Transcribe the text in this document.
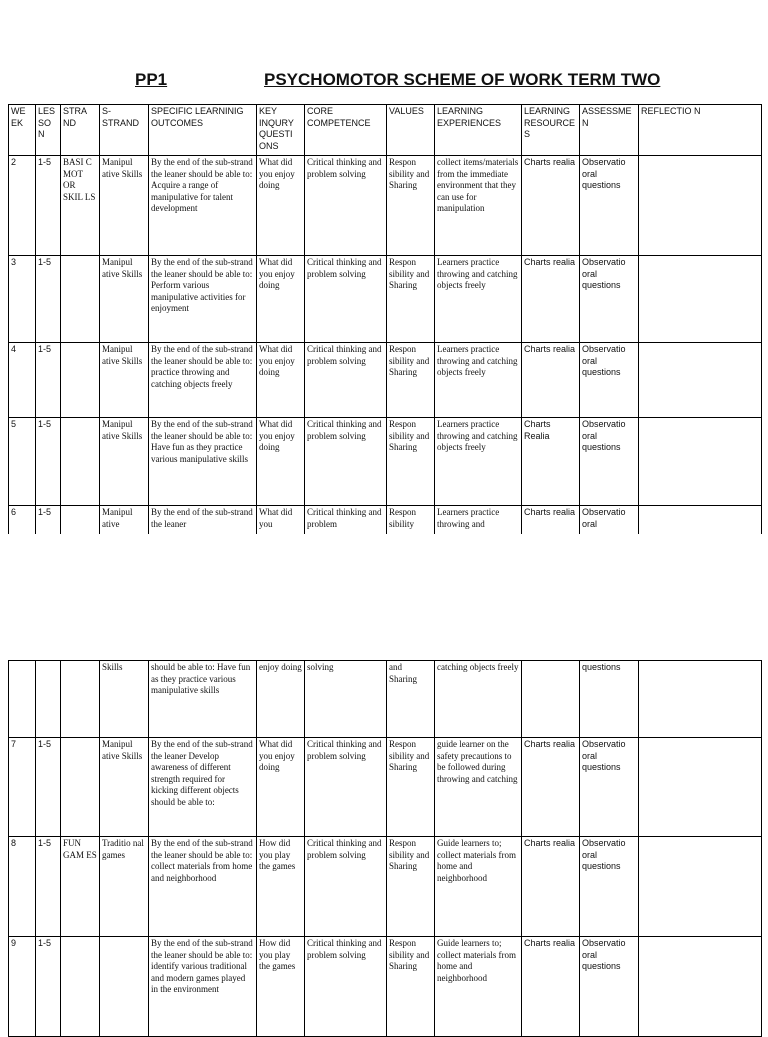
PP1	PSYCHOMOTOR SCHEME OF WORK TERM TWO
WE EK	LES SO N	STRA ND	S-STRAND	SPECIFIC LEARNINIG OUTCOMES	KEY INQURY QUESTI ONS	CORE COMPETENCE	VALUES	LEARNING EXPERIENCES	LEARNING RESOURCE S	ASSESSME N	REFLECTIO N
2	1-5	BASI C MOT OR SKIL LS	Manipul ative Skills	By the end of the sub-strand the leaner should be able to: Acquire a range of manipulative for talent development	What did you enjoy doing	Critical thinking and problem solving	Respon sibility and Sharing	collect items/materials from the immediate environment that they can use for manipulation	Charts realia	Observatio oral questions	
3	1-5		Manipul ative Skills	By the end of the sub-strand the leaner should be able to: Perform various manipulative activities for enjoyment	What did you enjoy doing	Critical thinking and problem solving	Respon sibility and Sharing	Learners practice throwing and catching objects freely	Charts realia	Observatio oral questions	
4	1-5		Manipul ative Skills	By the end of the sub-strand the leaner should be able to: practice throwing and catching objects freely	What did you enjoy doing	Critical thinking and problem solving	Respon sibility and Sharing	Learners practice throwing and catching objects freely	Charts realia	Observatio oral questions	
5	1-5		Manipul ative Skills	By the end of the sub-strand the leaner should be able to: Have fun as they practice various manipulative skills	What did you enjoy doing	Critical thinking and problem solving	Respon sibility and Sharing	Learners practice throwing and catching objects freely	Charts Realia	Observatio oral questions	
6	1-5		Manipul ative	By the end of the sub-strand the leaner	What did you	Critical thinking and problem	Respon sibility	Learners practice throwing and	Charts realia	Observatio oral	
			Skills	should be able to: Have fun as they practice various manipulative skills	enjoy doing	solving	and Sharing	catching objects freely		questions	
7	1-5		Manipul ative Skills	By the end of the sub-strand the leaner Develop awareness of different strength required for kicking different objects should be able to:	What did you enjoy doing	Critical thinking and problem solving	Respon sibility and Sharing	guide learner on the safety precautions to be followed during throwing and catching	Charts realia	Observatio oral questions	
8	1-5	FUN GAM ES	Traditio nal games	By the end of the sub-strand the leaner should be able to: collect materials from home and neighborhood	How did you play the games	Critical thinking and problem solving	Respon sibility and Sharing	Guide learners to; collect materials from home and neighborhood	Charts realia	Observatio oral questions	
9	1-5			By the end of the sub-strand the leaner should be able to: identify various traditional and modern games played in the environment	How did you play the games	Critical thinking and problem solving	Respon sibility and Sharing	Guide learners to; collect materials from home and neighborhood	Charts realia	Observatio oral questions	
